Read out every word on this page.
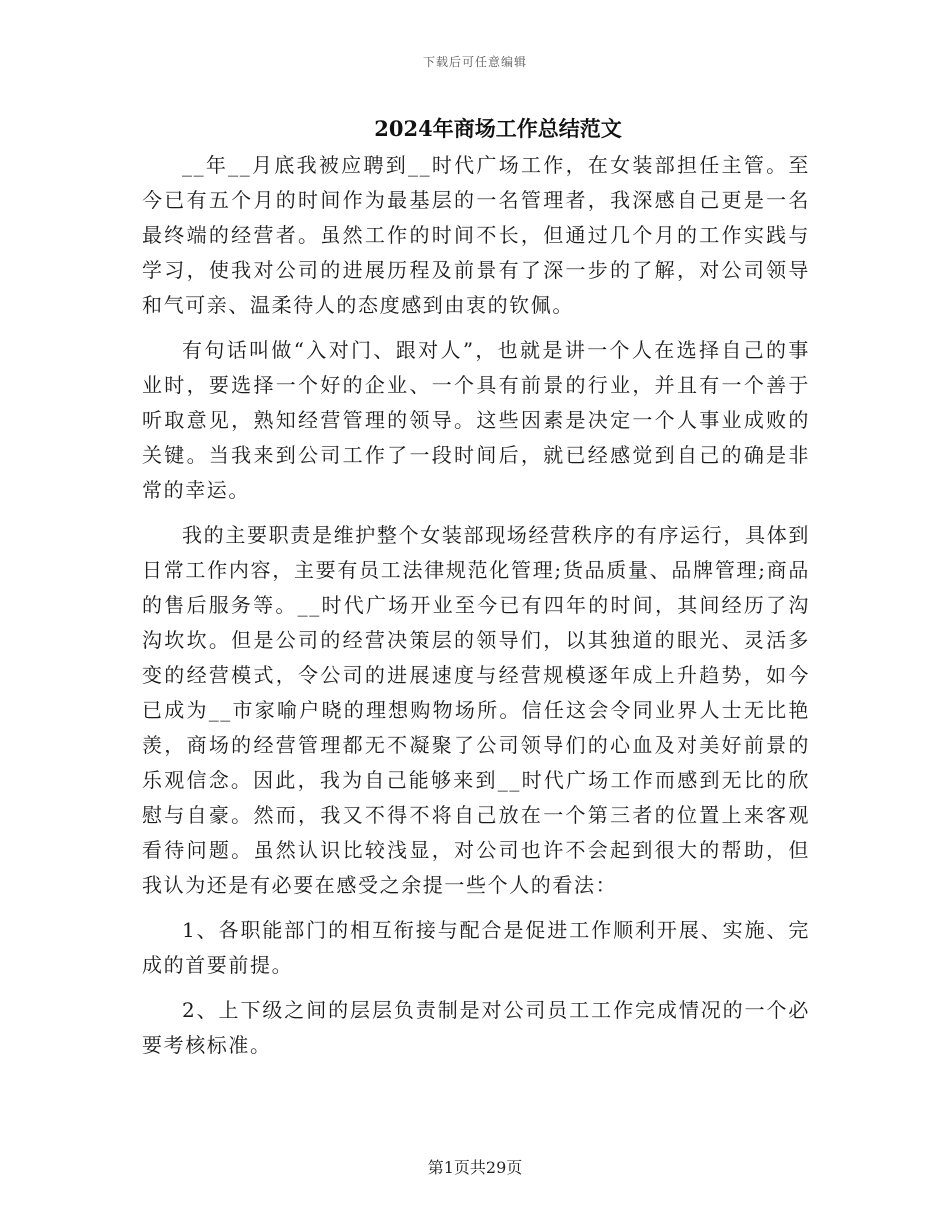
下载后可任意编辑
2024年商场工作总结范文

__年__月底我被应聘到__时代广场工作，在女装部担任主管。至今已有五个月的时间作为最基层的一名管理者，我深感自己更是一名最终端的经营者。虽然工作的时间不长，但通过几个月的工作实践与学习，使我对公司的进展历程及前景有了深一步的了解，对公司领导和气可亲、温柔待人的态度感到由衷的钦佩。

有句话叫做“入对门、跟对人”，也就是讲一个人在选择自己的事业时，要选择一个好的企业、一个具有前景的行业，并且有一个善于听取意见，熟知经营管理的领导。这些因素是决定一个人事业成败的关键。当我来到公司工作了一段时间后，就已经感觉到自己的确是非常的幸运。

我的主要职责是维护整个女装部现场经营秩序的有序运行，具体到日常工作内容，主要有员工法律规范化管理;货品质量、品牌管理;商品的售后服务等。__时代广场开业至今已有四年的时间，其间经历了沟沟坎坎。但是公司的经营决策层的领导们，以其独道的眼光、灵活多变的经营模式，令公司的进展速度与经营规模逐年成上升趋势，如今已成为__市家喻户晓的理想购物场所。信任这会令同业界人士无比艳羡，商场的经营管理都无不凝聚了公司领导们的心血及对美好前景的乐观信念。因此，我为自己能够来到__时代广场工作而感到无比的欣慰与自豪。然而，我又不得不将自己放在一个第三者的位置上来客观看待问题。虽然认识比较浅显，对公司也许不会起到很大的帮助，但我认为还是有必要在感受之余提一些个人的看法：

1、各职能部门的相互衔接与配合是促进工作顺利开展、实施、完成的首要前提。

2、上下级之间的层层负责制是对公司员工工作完成情况的一个必要考核标准。

第1页共29页
